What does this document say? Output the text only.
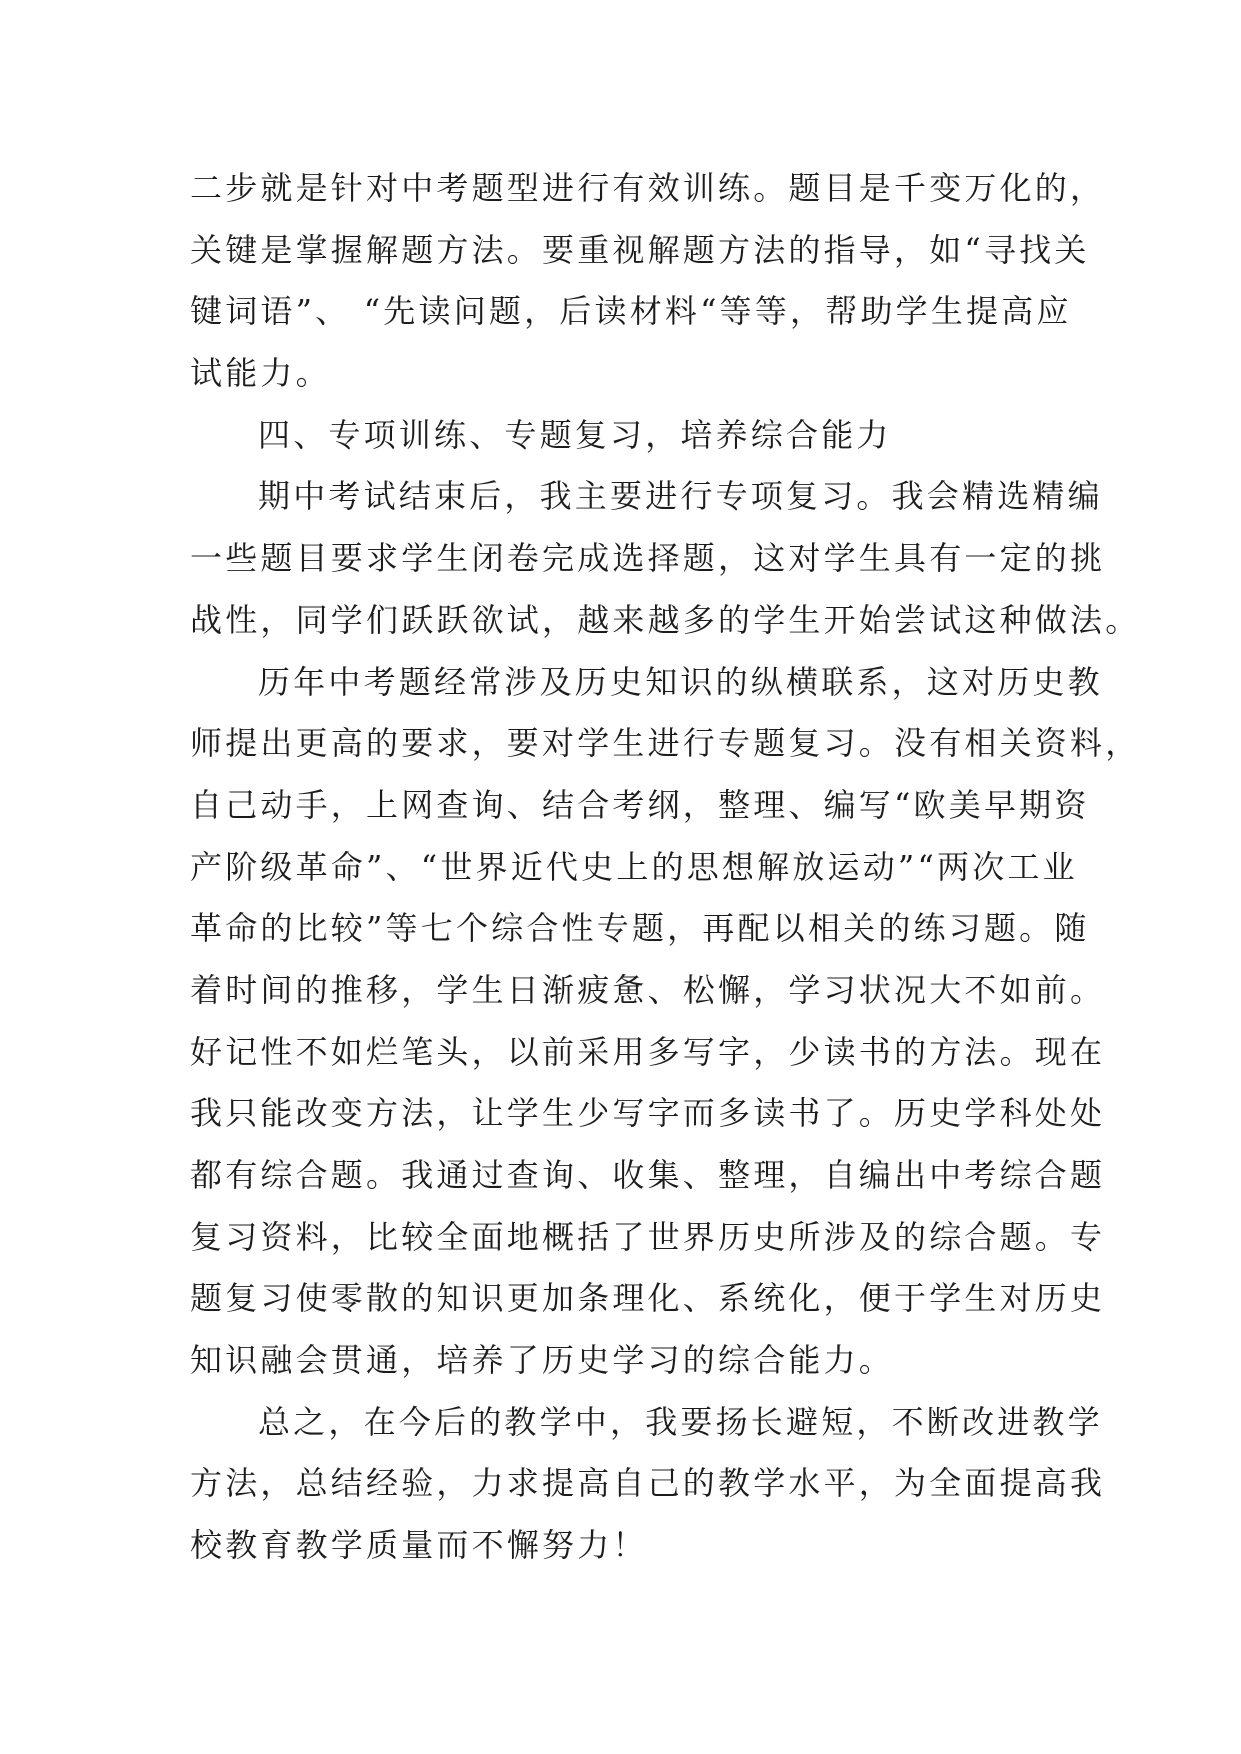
二步就是针对中考题型进行有效训练。题目是千变万化的，
关键是掌握解题方法。要重视解题方法的指导，如“寻找关
键词语”、 “先读问题，后读材料“等等，帮助学生提高应
试能力。
四、专项训练、专题复习，培养综合能力
期中考试结束后，我主要进行专项复习。我会精选精编
一些题目要求学生闭卷完成选择题，这对学生具有一定的挑
战性，同学们跃跃欲试，越来越多的学生开始尝试这种做法。
历年中考题经常涉及历史知识的纵横联系，这对历史教
师提出更高的要求，要对学生进行专题复习。没有相关资料，
自己动手，上网查询、结合考纲，整理、编写“欧美早期资
产阶级革命”、“世界近代史上的思想解放运动”“两次工业
革命的比较”等七个综合性专题，再配以相关的练习题。随
着时间的推移，学生日渐疲惫、松懈，学习状况大不如前。
好记性不如烂笔头，以前采用多写字，少读书的方法。现在
我只能改变方法，让学生少写字而多读书了。历史学科处处
都有综合题。我通过查询、收集、整理，自编出中考综合题
复习资料，比较全面地概括了世界历史所涉及的综合题。专
题复习使零散的知识更加条理化、系统化，便于学生对历史
知识融会贯通，培养了历史学习的综合能力。
总之，在今后的教学中，我要扬长避短，不断改进教学
方法，总结经验，力求提高自己的教学水平，为全面提高我
校教育教学质量而不懈努力！
